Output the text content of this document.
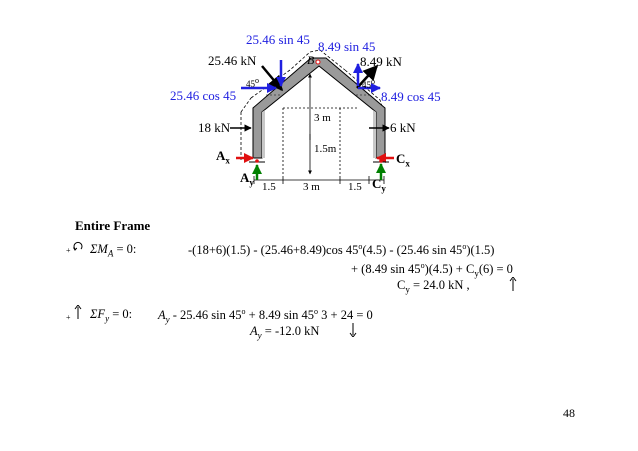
25.46 sin 45
25.46 kN
8.49 sin 45
8.49 kN
25.46 cos 45	8.49 cos 45
45o	45o
B
3 m
1.5m
18 kN	6 kN
$A_x$
$A_y$
$C_x$
$C_y$
1.5 3 m	1.5
Entire Frame
+ $\Sigma M_A = 0$:	-(18+6)(1.5) - (25.46+8.49)cos 45$^o$(4.5) - (25.46 $\sin 45^o)(1.5)$
+ (8.49 $\sin 45^o)(4.5) + C_y(6) = 0$
$C_y = 24.0$ kN ,
+ $\Sigma F_y = 0$: $A_y - 25.46$ $\sin 45^o + 8.49$ sin 45$^o$ 3 + 24 = 0
$A_y = -12.0$ kN
48
